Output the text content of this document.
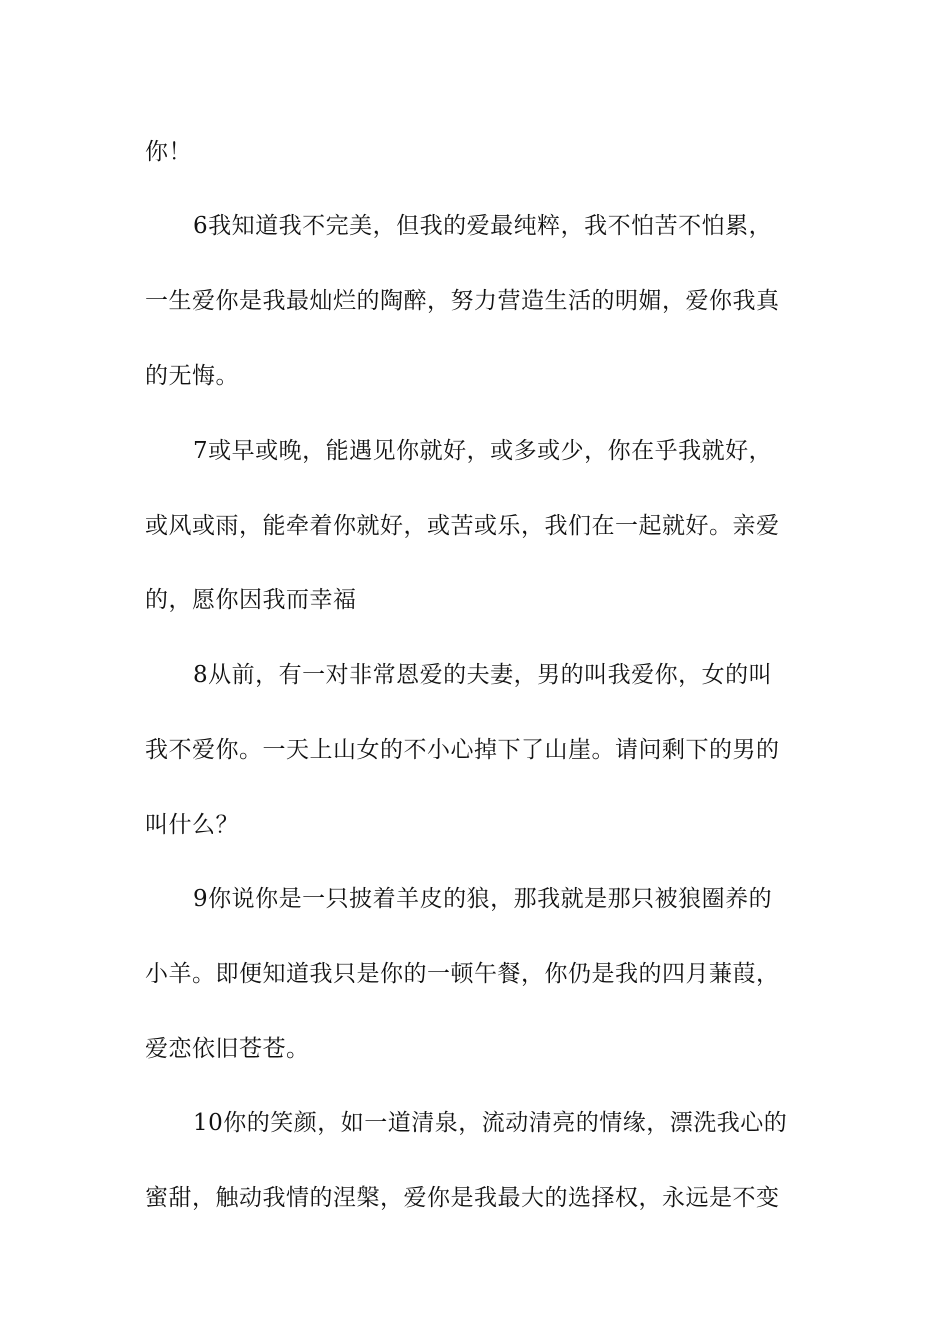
你！
6我知道我不完美，但我的爱最纯粹，我不怕苦不怕累，
一生爱你是我最灿烂的陶醉，努力营造生活的明媚，爱你我真
的无悔。
7或早或晚，能遇见你就好，或多或少，你在乎我就好，
或风或雨，能牵着你就好，或苦或乐，我们在一起就好。亲爱
的，愿你因我而幸福
8从前，有一对非常恩爱的夫妻，男的叫我爱你，女的叫
我不爱你。一天上山女的不小心掉下了山崖。请问剩下的男的
叫什么？
9你说你是一只披着羊皮的狼，那我就是那只被狼圈养的
小羊。即便知道我只是你的一顿午餐，你仍是我的四月蒹葭，
爱恋依旧苍苍。
10你的笑颜，如一道清泉，流动清亮的情缘，漂洗我心的
蜜甜，触动我情的涅槃，爱你是我最大的选择权，永远是不变
